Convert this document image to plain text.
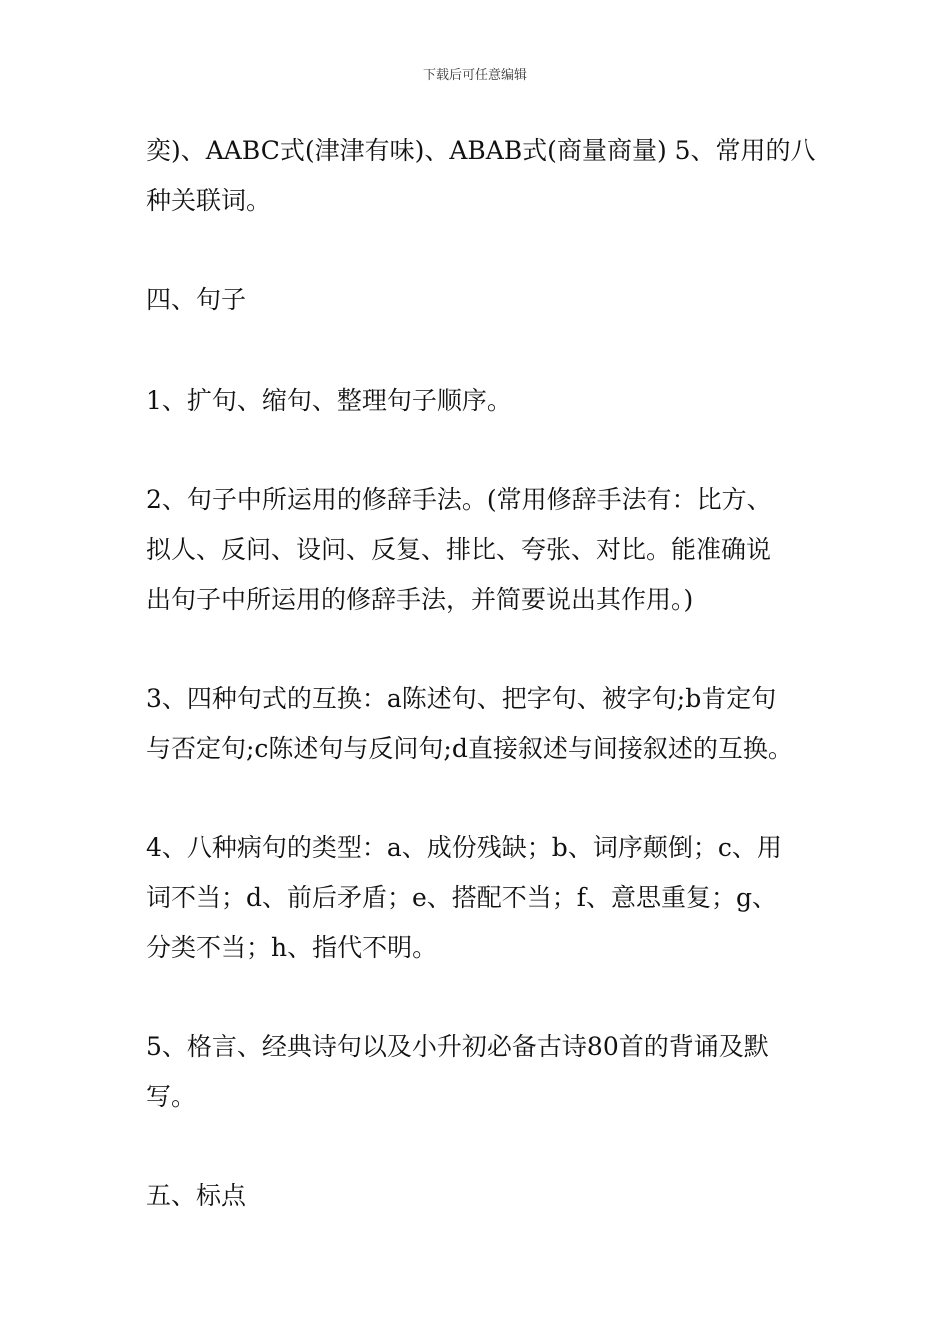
下载后可任意编辑
奕)、AABC式(津津有味)、ABAB式(商量商量) 5、常用的八
种关联词。
四、句子
1、扩句、缩句、整理句子顺序。
2、句子中所运用的修辞手法。(常用修辞手法有：比方、
拟人、反问、设问、反复、排比、夸张、对比。能准确说
出句子中所运用的修辞手法，并简要说出其作用。)
3、四种句式的互换：a陈述句、把字句、被字句;b肯定句
与否定句;c陈述句与反问句;d直接叙述与间接叙述的互换。
4、八种病句的类型：a、成份残缺；b、词序颠倒；c、用
词不当；d、前后矛盾；e、搭配不当；f、意思重复；g、
分类不当；h、指代不明。
5、格言、经典诗句以及小升初必备古诗80首的背诵及默
写。
五、标点
